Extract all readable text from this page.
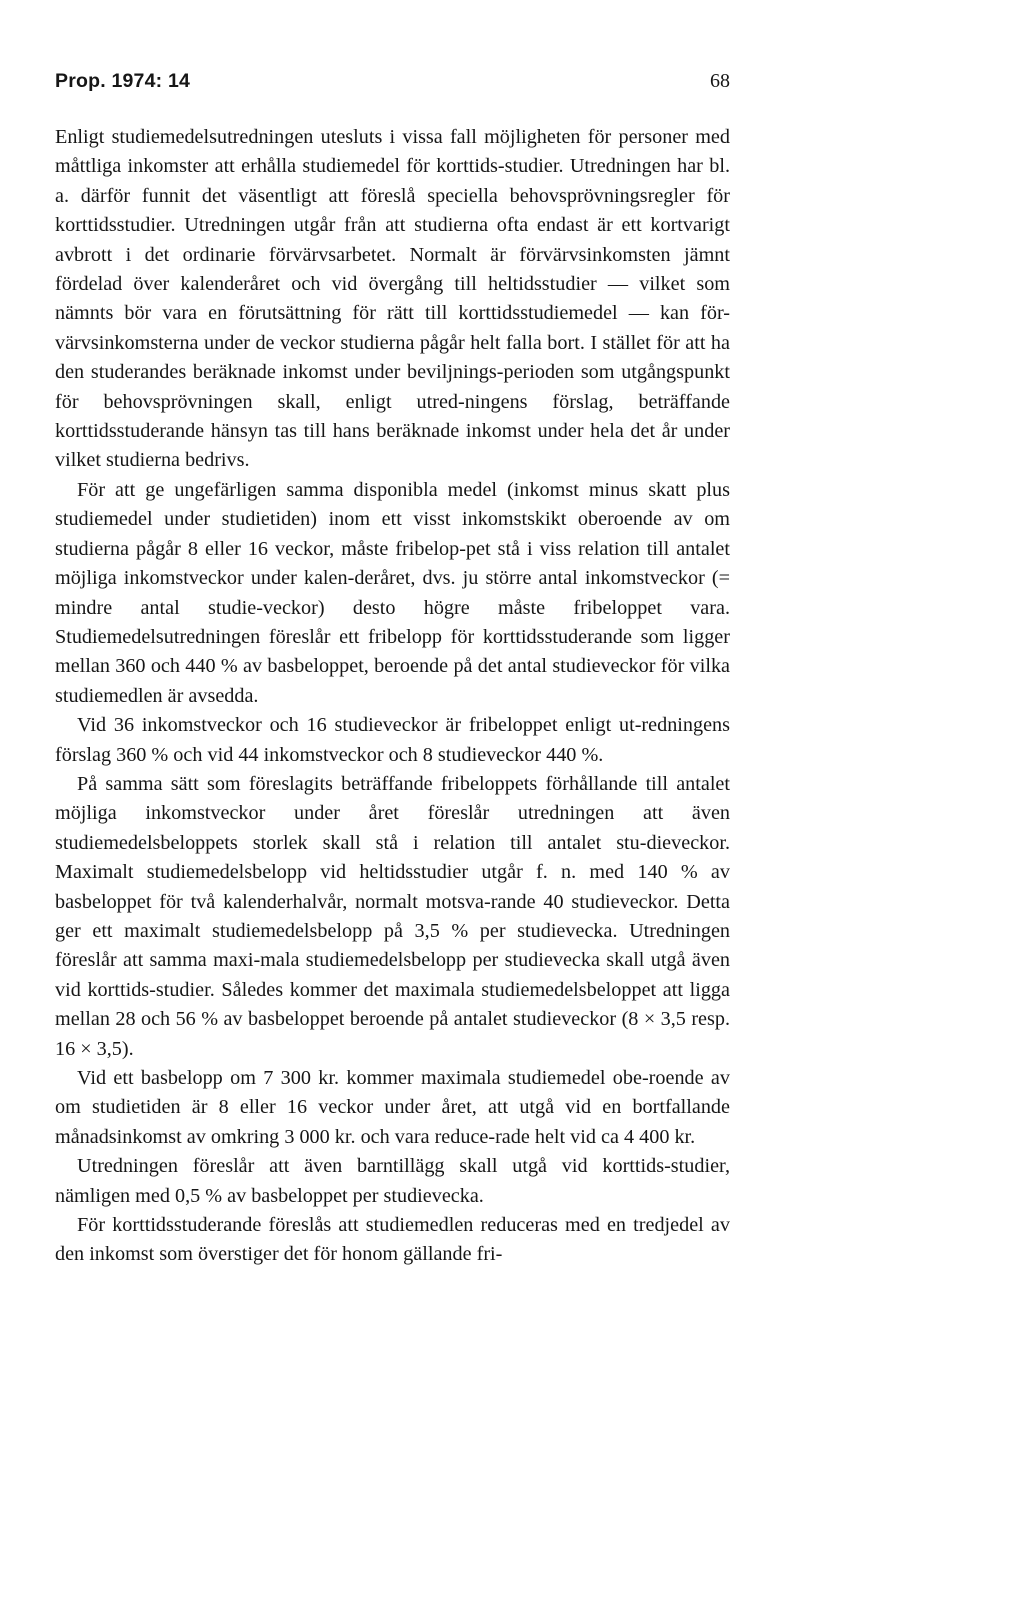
Prop. 1974: 14	68

Enligt studiemedelsutredningen utesluts i vissa fall möjligheten för personer med måttliga inkomster att erhålla studiemedel för korttids-studier. Utredningen har bl. a. därför funnit det väsentligt att föreslå speciella behovsprövningsregler för korttidsstudier. Utredningen utgår från att studierna ofta endast är ett kortvarigt avbrott i det ordinarie förvärvsarbetet. Normalt är förvärvsinkomsten jämnt fördelad över kalenderåret och vid övergång till heltidsstudier — vilket som nämnts bör vara en förutsättning för rätt till korttidsstudiemedel — kan för-värvsinkomsterna under de veckor studierna pågår helt falla bort. I stället för att ha den studerandes beräknade inkomst under beviljnings-perioden som utgångspunkt för behovsprövningen skall, enligt utred-ningens förslag, beträffande korttidsstuderande hänsyn tas till hans beräknade inkomst under hela det år under vilket studierna bedrivs.

För att ge ungefärligen samma disponibla medel (inkomst minus skatt plus studiemedel under studietiden) inom ett visst inkomstskikt oberoende av om studierna pågår 8 eller 16 veckor, måste fribelop-pet stå i viss relation till antalet möjliga inkomstveckor under kalen-deråret, dvs. ju större antal inkomstveckor (= mindre antal studie-veckor) desto högre måste fribeloppet vara. Studiemedelsutredningen föreslår ett fribelopp för korttidsstuderande som ligger mellan 360 och 440 % av basbeloppet, beroende på det antal studieveckor för vilka studiemedlen är avsedda.

Vid 36 inkomstveckor och 16 studieveckor är fribeloppet enligt ut-redningens förslag 360 % och vid 44 inkomstveckor och 8 studieveckor 440 %.

På samma sätt som föreslagits beträffande fribeloppets förhållande till antalet möjliga inkomstveckor under året föreslår utredningen att även studiemedelsbeloppets storlek skall stå i relation till antalet stu-dieveckor. Maximalt studiemedelsbelopp vid heltidsstudier utgår f. n. med 140 % av basbeloppet för två kalenderhalvår, normalt motsva-rande 40 studieveckor. Detta ger ett maximalt studiemedelsbelopp på 3,5 % per studievecka. Utredningen föreslår att samma maxi-mala studiemedelsbelopp per studievecka skall utgå även vid korttids-studier. Således kommer det maximala studiemedelsbeloppet att ligga mellan 28 och 56 % av basbeloppet beroende på antalet studieveckor (8 × 3,5 resp. 16 × 3,5).

Vid ett basbelopp om 7 300 kr. kommer maximala studiemedel obe-roende av om studietiden är 8 eller 16 veckor under året, att utgå vid en bortfallande månadsinkomst av omkring 3 000 kr. och vara reduce-rade helt vid ca 4 400 kr.

Utredningen föreslår att även barntillägg skall utgå vid korttids-studier, nämligen med 0,5 % av basbeloppet per studievecka.

För korttidsstuderande föreslås att studiemedlen reduceras med en tredjedel av den inkomst som överstiger det för honom gällande fri-
